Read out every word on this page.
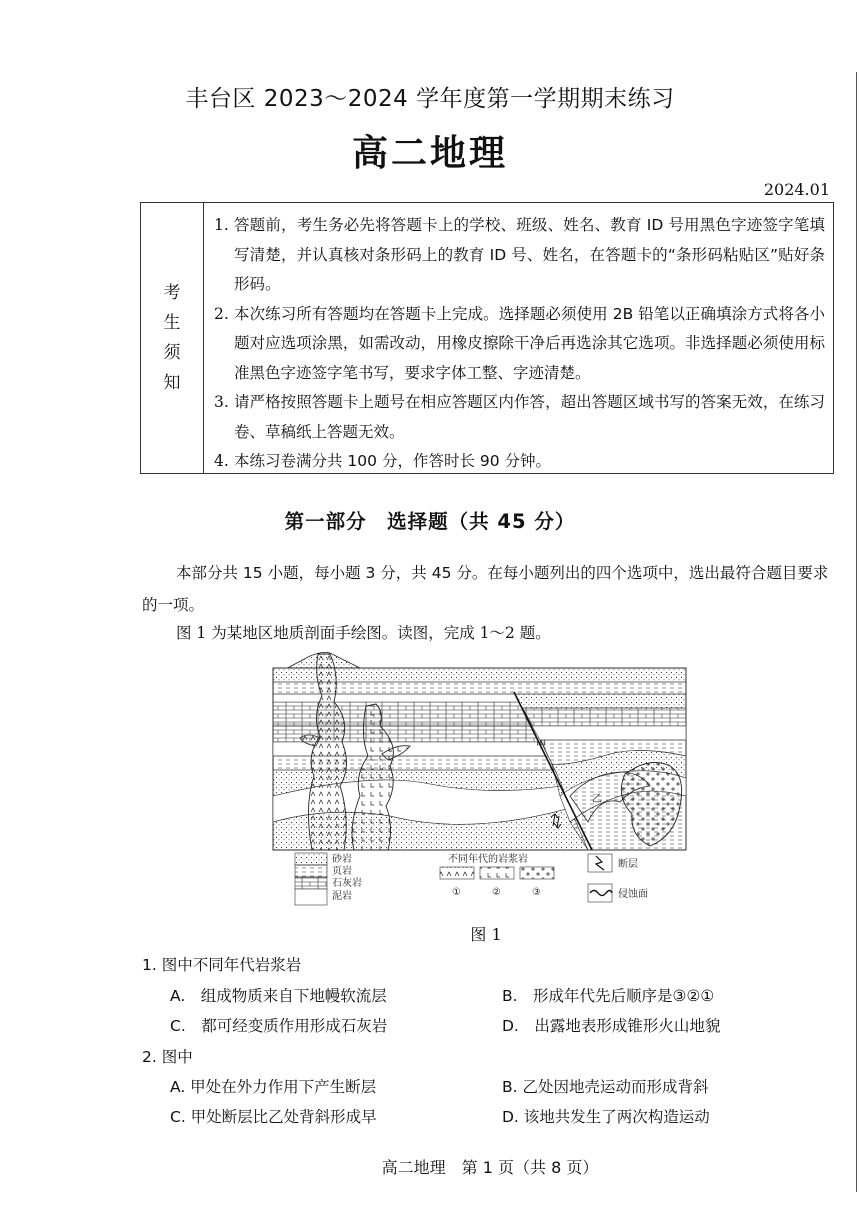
丰台区 2023～2024 学年度第一学期期末练习
高二地理
2024.01
考
生
须
知
1. 答题前，考生务必先将答题卡上的学校、班级、姓名、教育 ID 号用黑色字迹签字笔填写清楚，并认真核对条形码上的教育 ID 号、姓名，在答题卡的“条形码粘贴区”贴好条形码。
2. 本次练习所有答题均在答题卡上完成。选择题必须使用 2B 铅笔以正确填涂方式将各小题对应选项涂黑，如需改动，用橡皮擦除干净后再选涂其它选项。非选择题必须使用标准黑色字迹签字笔书写，要求字体工整、字迹清楚。
3. 请严格按照答题卡上题号在相应答题区内作答，超出答题区域书写的答案无效，在练习卷、草稿纸上答题无效。
4. 本练习卷满分共 100 分，作答时长 90 分钟。
第一部分　选择题（共 45 分）
本部分共 15 小题，每小题 3 分，共 45 分。在每小题列出的四个选项中，选出最符合题目要求的一项。
图 1 为某地区地质剖面手绘图。读图，完成 1～2 题。
甲
乙
砂岩
页岩
石灰岩
泥岩
不同年代的岩浆岩
①	②	③
断层
侵蚀面
图 1
1. 图中不同年代岩浆岩
A.　组成物质来自下地幔软流层	B.　形成年代先后顺序是③②①
C.　都可经变质作用形成石灰岩	D.　出露地表形成锥形火山地貌
2. 图中
A. 甲处在外力作用下产生断层	B. 乙处因地壳运动而形成背斜
C. 甲处断层比乙处背斜形成早	D. 该地共发生了两次构造运动
高二地理　第 1 页（共 8 页）
